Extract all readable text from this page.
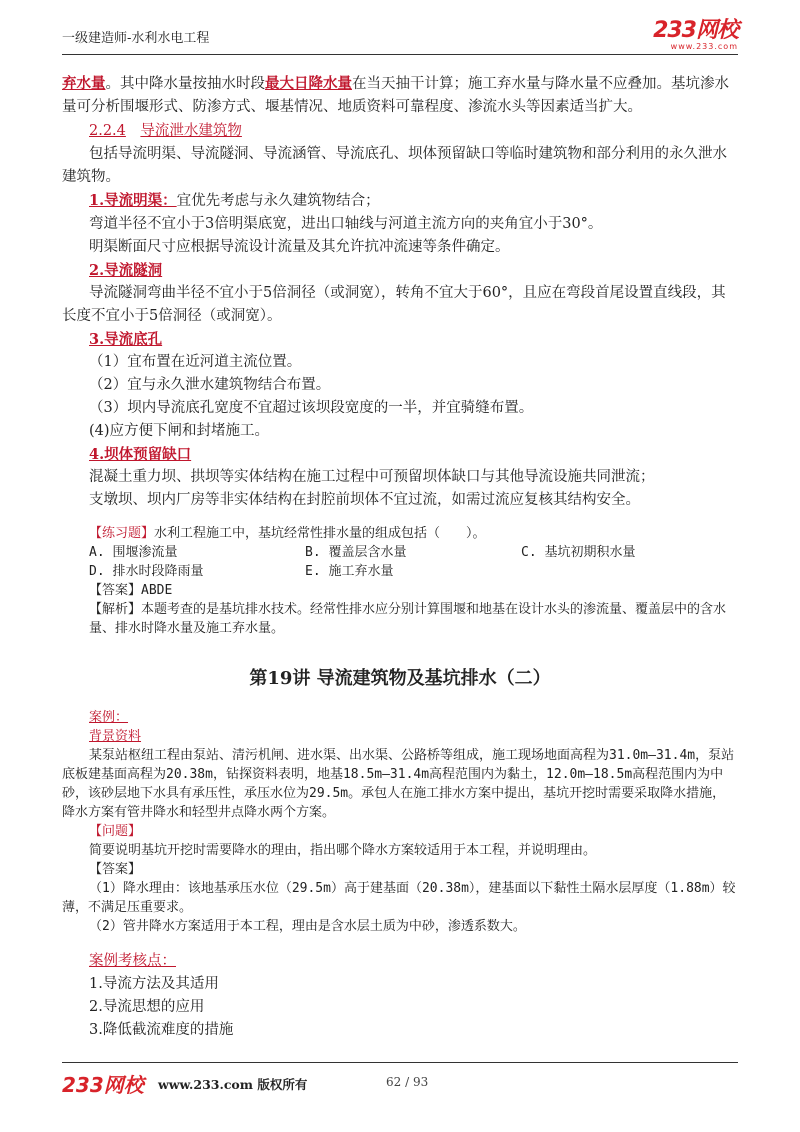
一级建造师-水利水电工程	233网校
www.233.com

弃水量。其中降水量按抽水时段最大日降水量在当天抽干计算；施工弃水量与降水量不应叠加。基坑渗水量可分析围堰形式、防渗方式、堰基情况、地质资料可靠程度、渗流水头等因素适当扩大。

2.2.4　 导流泄水建筑物

包括导流明渠、导流隧洞、导流涵管、导流底孔、坝体预留缺口等临时建筑物和部分利用的永久泄水建筑物。

1.导流明渠：宜优先考虑与永久建筑物结合；

弯道半径不宜小于3倍明渠底宽，进出口轴线与河道主流方向的夹角宜小于30°。

明渠断面尺寸应根据导流设计流量及其允许抗冲流速等条件确定。

2.导流隧洞

导流隧洞弯曲半径不宜小于5倍洞径（或洞宽），转角不宜大于60°，且应在弯段首尾设置直线段，其长度不宜小于5倍洞径（或洞宽）。

3.导流底孔

（1）宜布置在近河道主流位置。

（2）宜与永久泄水建筑物结合布置。

（3）坝内导流底孔宽度不宜超过该坝段宽度的一半，并宜骑缝布置。

(4)应方便下闸和封堵施工。

4.坝体预留缺口

混凝土重力坝、拱坝等实体结构在施工过程中可预留坝体缺口与其他导流设施共同泄流；

支墩坝、坝内厂房等非实体结构在封腔前坝体不宜过流，如需过流应复核其结构安全。

【练习题】水利工程施工中，基坑经常性排水量的组成包括（　　）。
A. 围堰渗流量	B. 覆盖层含水量	C. 基坑初期积水量
D. 排水时段降雨量	E. 施工弃水量
【答案】ABDE
【解析】本题考查的是基坑排水技术。经常性排水应分别计算围堰和地基在设计水头的渗流量、覆盖层中的含水量、排水时降水量及施工弃水量。
第19讲 导流建筑物及基坑排水（二）
案例：
背景资料
某泵站枢纽工程由泵站、清污机闸、进水渠、出水渠、公路桥等组成，施工现场地面高程为31.0m—31.4m，泵站底板建基面高程为20.38m，钻探资料表明，地基18.5m—31.4m高程范围内为黏土，12.0m—18.5m高程范围内为中砂，该砂层地下水具有承压性，承压水位为29.5m。承包人在施工排水方案中提出，基坑开挖时需要采取降水措施，降水方案有管井降水和轻型井点降水两个方案。
【问题】
简要说明基坑开挖时需要降水的理由，指出哪个降水方案较适用于本工程，并说明理由。
【答案】
（1）降水理由：该地基承压水位（29.5m）高于建基面（20.38m），建基面以下黏性土隔水层厚度（1.88m）较薄，不满足压重要求。
（2）管井降水方案适用于本工程，理由是含水层土质为中砂，渗透系数大。
案例考核点：

1.导流方法及其适用

2.导流思想的应用

3.降低截流难度的措施

233网校 www.233.com 版权所有	62 / 93
